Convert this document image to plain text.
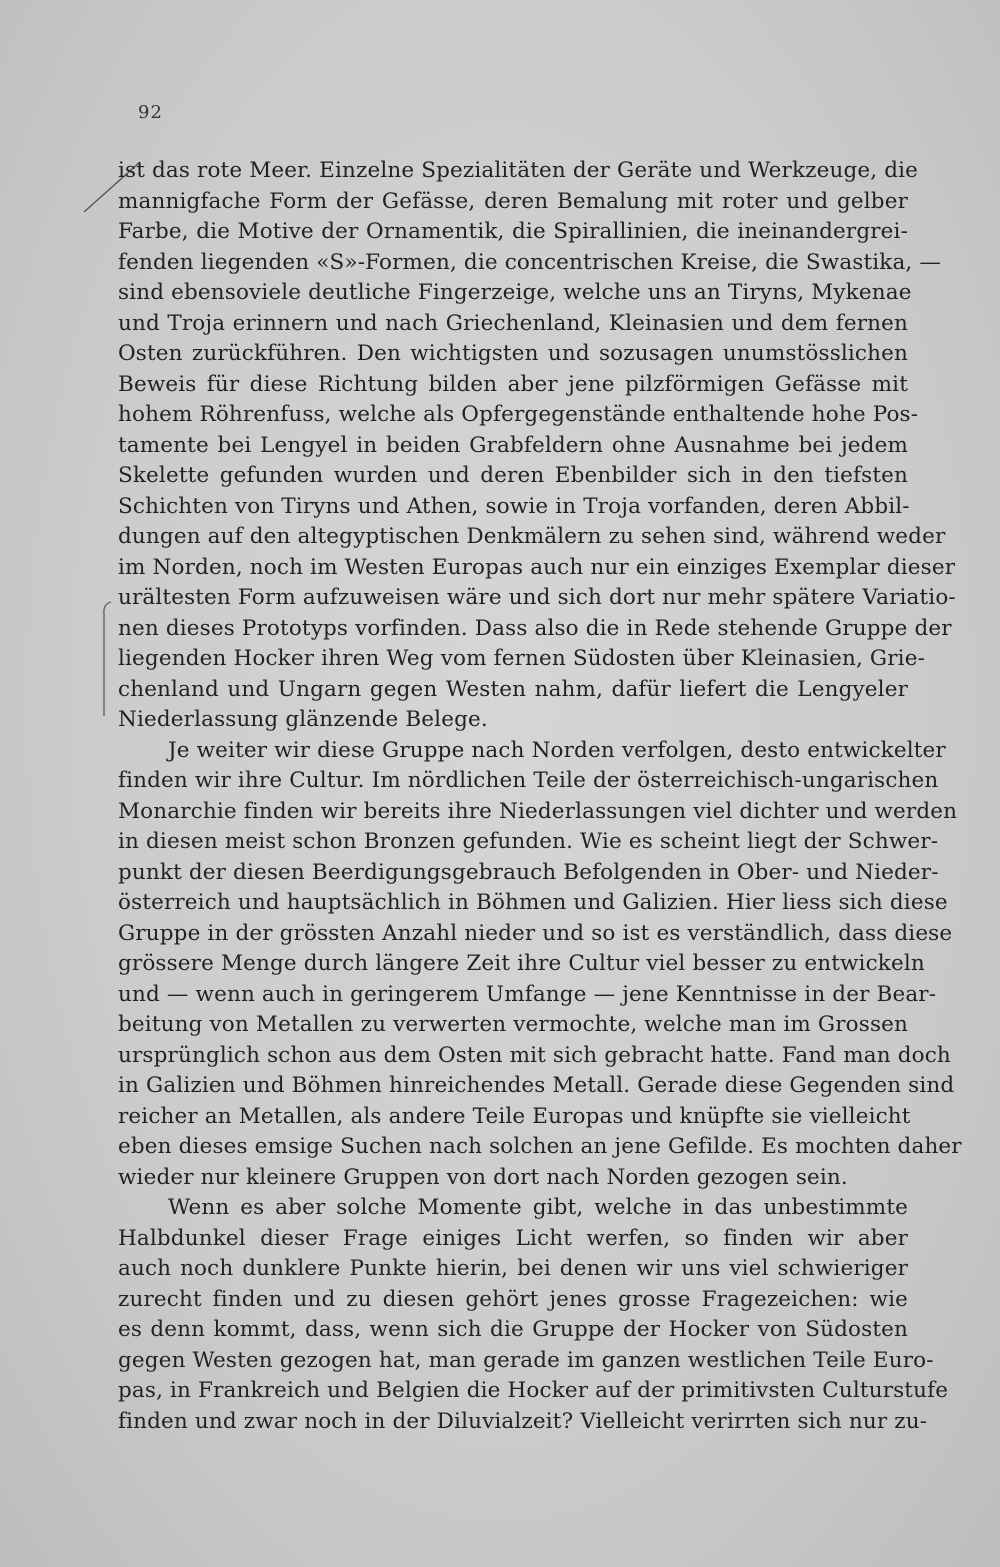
92
ist das rote Meer. Einzelne Spezialitäten der Geräte und Werkzeuge, die
mannigfache Form der Gefässe, deren Bemalung mit roter und gelber
Farbe, die Motive der Ornamentik, die Spirallinien, die ineinandergrei-
fenden liegenden «S»-Formen, die concentrischen Kreise, die Swastika, —
sind ebensoviele deutliche Fingerzeige, welche uns an Tiryns, Mykenae
und Troja erinnern und nach Griechenland, Kleinasien und dem fernen
Osten zurückführen. Den wichtigsten und sozusagen unumstösslichen
Beweis für diese Richtung bilden aber jene pilzförmigen Gefässe mit
hohem Röhrenfuss, welche als Opfergegenstände enthaltende hohe Pos-
tamente bei Lengyel in beiden Grabfeldern ohne Ausnahme bei jedem
Skelette gefunden wurden und deren Ebenbilder sich in den tiefsten
Schichten von Tiryns und Athen, sowie in Troja vorfanden, deren Abbil-
dungen auf den altegyptischen Denkmälern zu sehen sind, während weder
im Norden, noch im Westen Europas auch nur ein einziges Exemplar dieser
urältesten Form aufzuweisen wäre und sich dort nur mehr spätere Variatio-
nen dieses Prototyps vorfinden. Dass also die in Rede stehende Gruppe der
liegenden Hocker ihren Weg vom fernen Südosten über Kleinasien, Grie-
chenland und Ungarn gegen Westen nahm, dafür liefert die Lengyeler
Niederlassung glänzende Belege.
Je weiter wir diese Gruppe nach Norden verfolgen, desto entwickelter
finden wir ihre Cultur. Im nördlichen Teile der österreichisch-ungarischen
Monarchie finden wir bereits ihre Niederlassungen viel dichter und werden
in diesen meist schon Bronzen gefunden. Wie es scheint liegt der Schwer-
punkt der diesen Beerdigungsgebrauch Befolgenden in Ober- und Nieder-
österreich und hauptsächlich in Böhmen und Galizien. Hier liess sich diese
Gruppe in der grössten Anzahl nieder und so ist es verständlich, dass diese
grössere Menge durch längere Zeit ihre Cultur viel besser zu entwickeln
und — wenn auch in geringerem Umfange — jene Kenntnisse in der Bear-
beitung von Metallen zu verwerten vermochte, welche man im Grossen
ursprünglich schon aus dem Osten mit sich gebracht hatte. Fand man doch
in Galizien und Böhmen hinreichendes Metall. Gerade diese Gegenden sind
reicher an Metallen, als andere Teile Europas und knüpfte sie vielleicht
eben dieses emsige Suchen nach solchen an jene Gefilde. Es mochten daher
wieder nur kleinere Gruppen von dort nach Norden gezogen sein.
Wenn es aber solche Momente gibt, welche in das unbestimmte
Halbdunkel dieser Frage einiges Licht werfen, so finden wir aber
auch noch dunklere Punkte hierin, bei denen wir uns viel schwieriger
zurecht finden und zu diesen gehört jenes grosse Fragezeichen: wie
es denn kommt, dass, wenn sich die Gruppe der Hocker von Südosten
gegen Westen gezogen hat, man gerade im ganzen westlichen Teile Euro-
pas, in Frankreich und Belgien die Hocker auf der primitivsten Culturstufe
finden und zwar noch in der Diluvialzeit? Vielleicht verirrten sich nur zu-
